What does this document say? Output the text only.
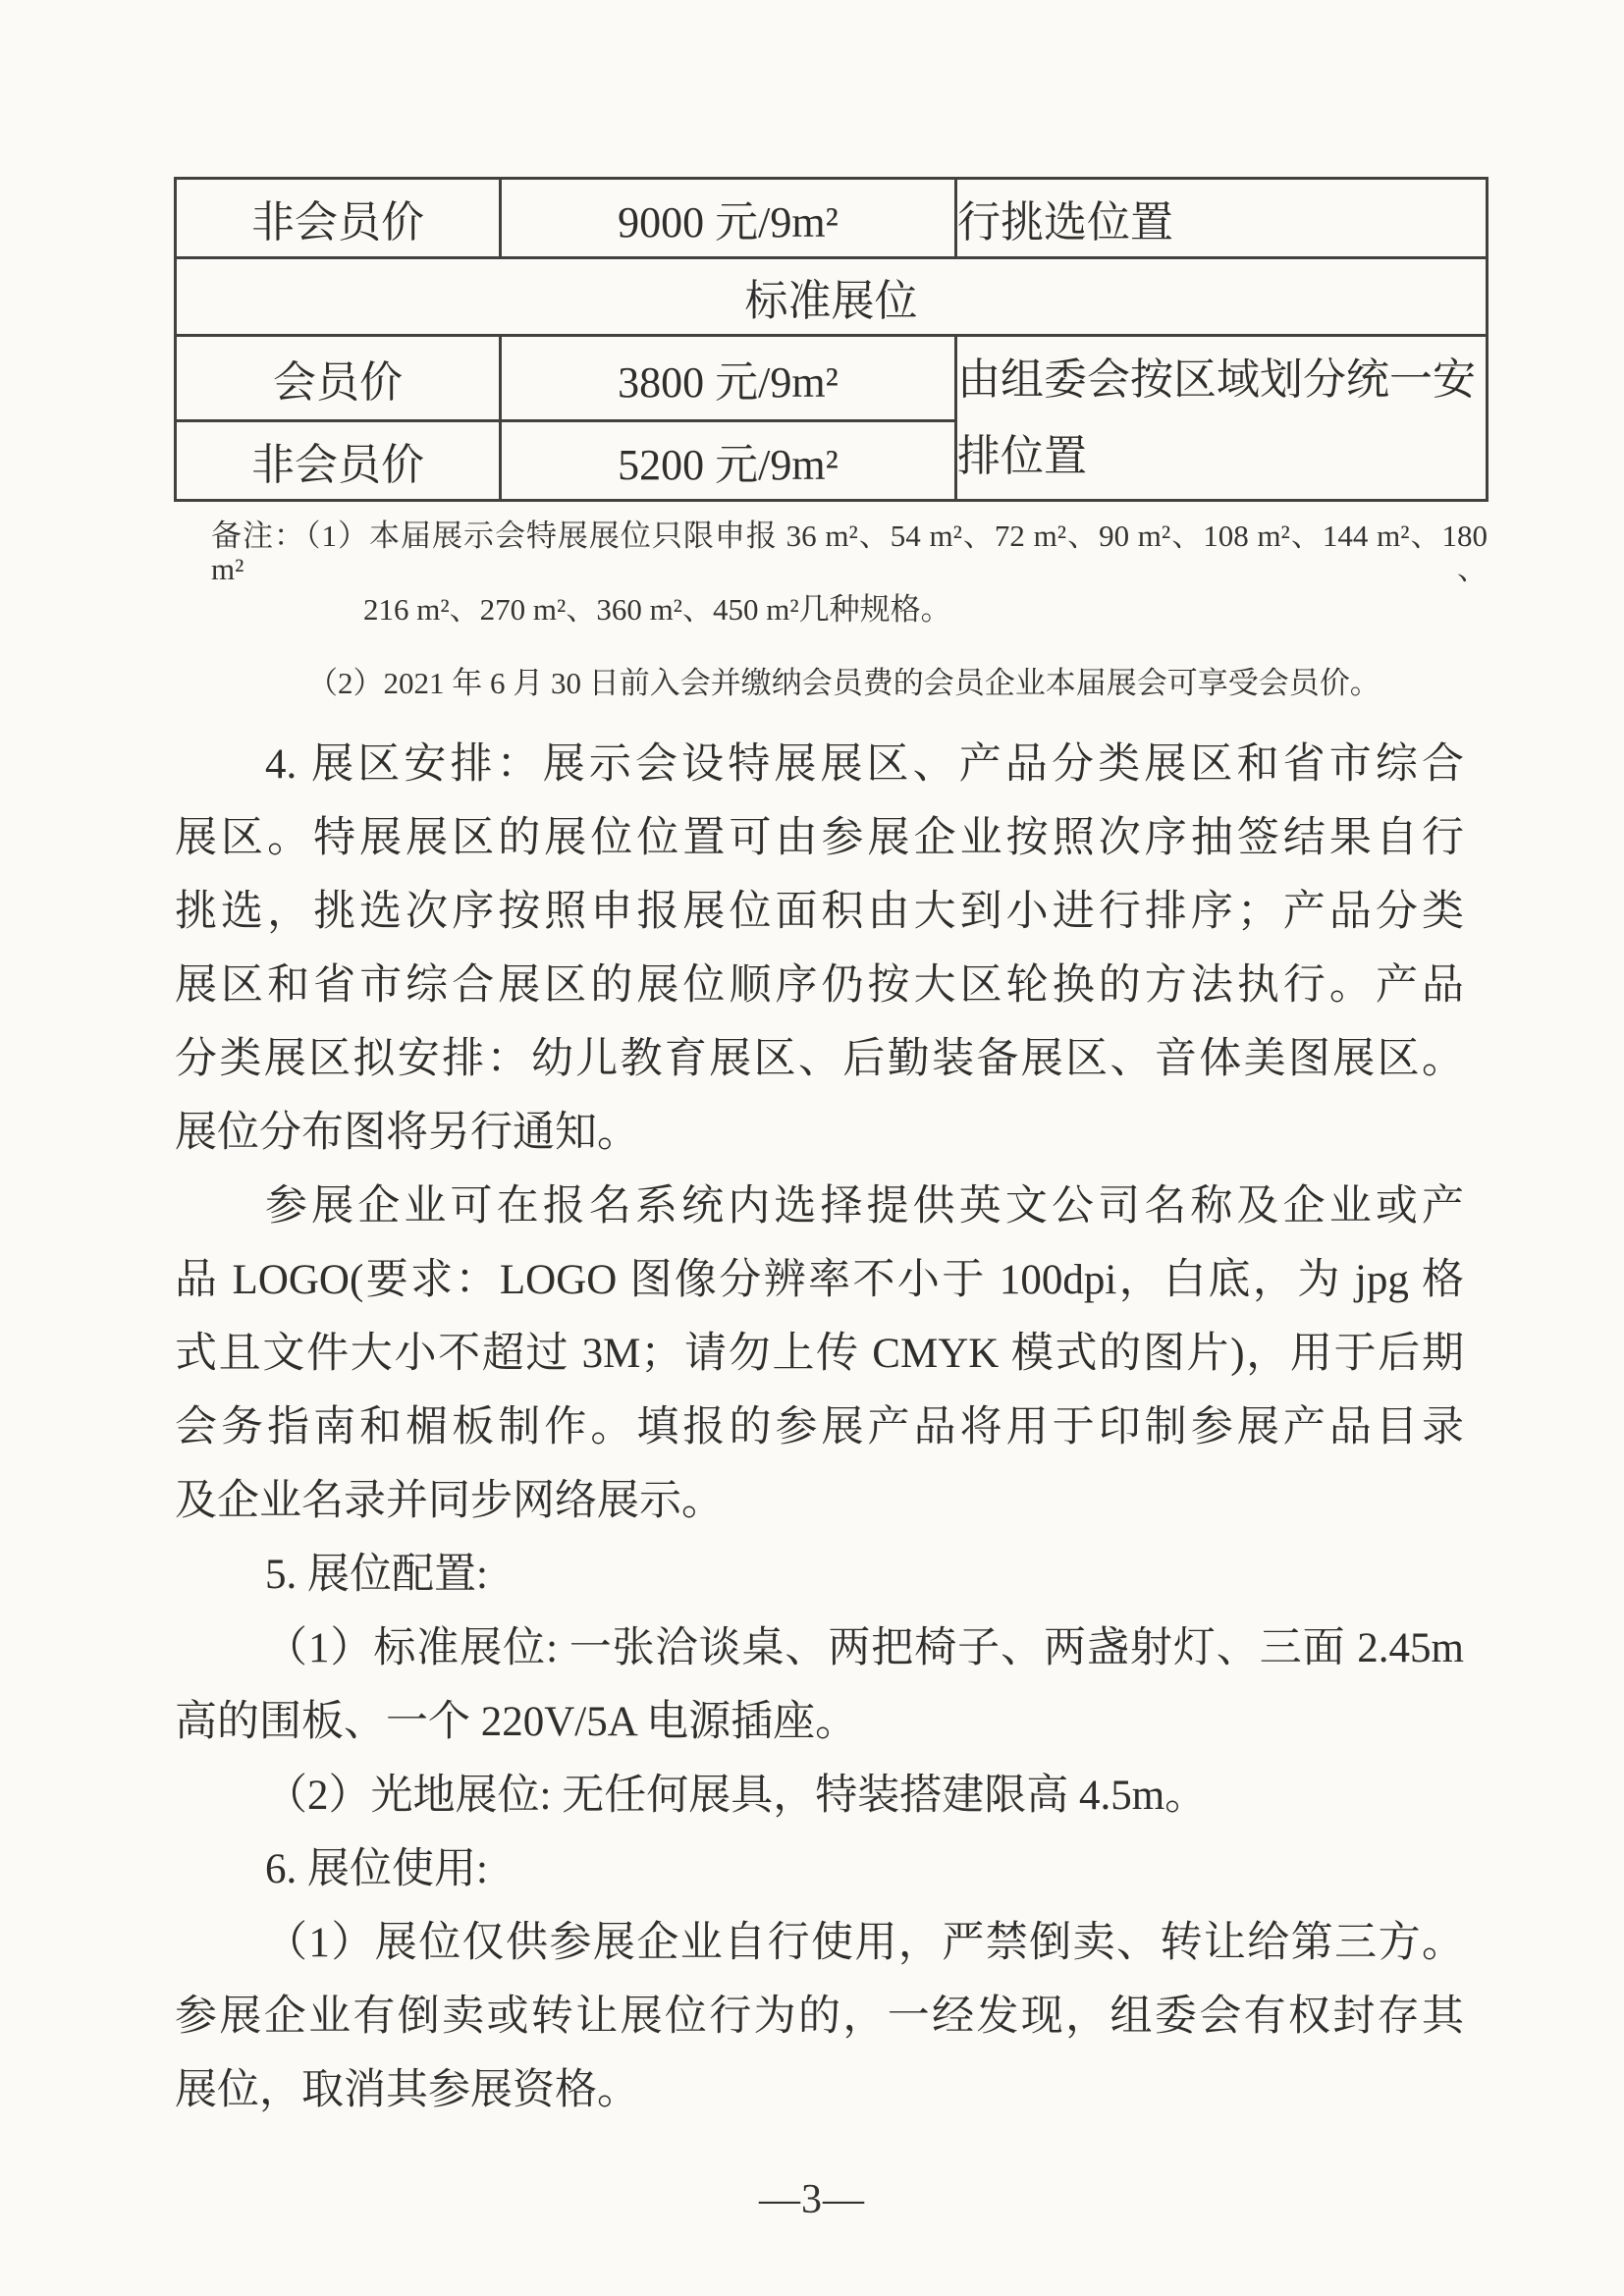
非会员价	9000 元/9m²	行挑选位置
标准展位		
会员价	3800 元/9m²	由组委会按区域划分统一安排位置
非会员价	5200 元/9m²	
备注：（1）本届展示会特展展位只限申报 36 m²、54 m²、72 m²、90 m²、108 m²、144 m²、180 m²、
216 m²、270 m²、360 m²、450 m²几种规格。
（2）2021 年 6 月 30 日前入会并缴纳会员费的会员企业本届展会可享受会员价。
4. 展区安排：展示会设特展展区、产品分类展区和省市综合
展区。特展展区的展位位置可由参展企业按照次序抽签结果自行
挑选，挑选次序按照申报展位面积由大到小进行排序；产品分类
展区和省市综合展区的展位顺序仍按大区轮换的方法执行。产品
分类展区拟安排：幼儿教育展区、后勤装备展区、音体美图展区。
展位分布图将另行通知。
参展企业可在报名系统内选择提供英文公司名称及企业或产
品 LOGO(要求：LOGO 图像分辨率不小于 100dpi，白底，为 jpg 格
式且文件大小不超过 3M；请勿上传 CMYK 模式的图片)，用于后期
会务指南和楣板制作。填报的参展产品将用于印制参展产品目录
及企业名录并同步网络展示。
5. 展位配置:
（1）标准展位: 一张洽谈桌、两把椅子、两盏射灯、三面 2.45m
高的围板、一个 220V/5A 电源插座。
（2）光地展位: 无任何展具，特装搭建限高 4.5m。
6. 展位使用:
（1）展位仅供参展企业自行使用，严禁倒卖、转让给第三方。
参展企业有倒卖或转让展位行为的，一经发现，组委会有权封存其
展位，取消其参展资格。
—3—
